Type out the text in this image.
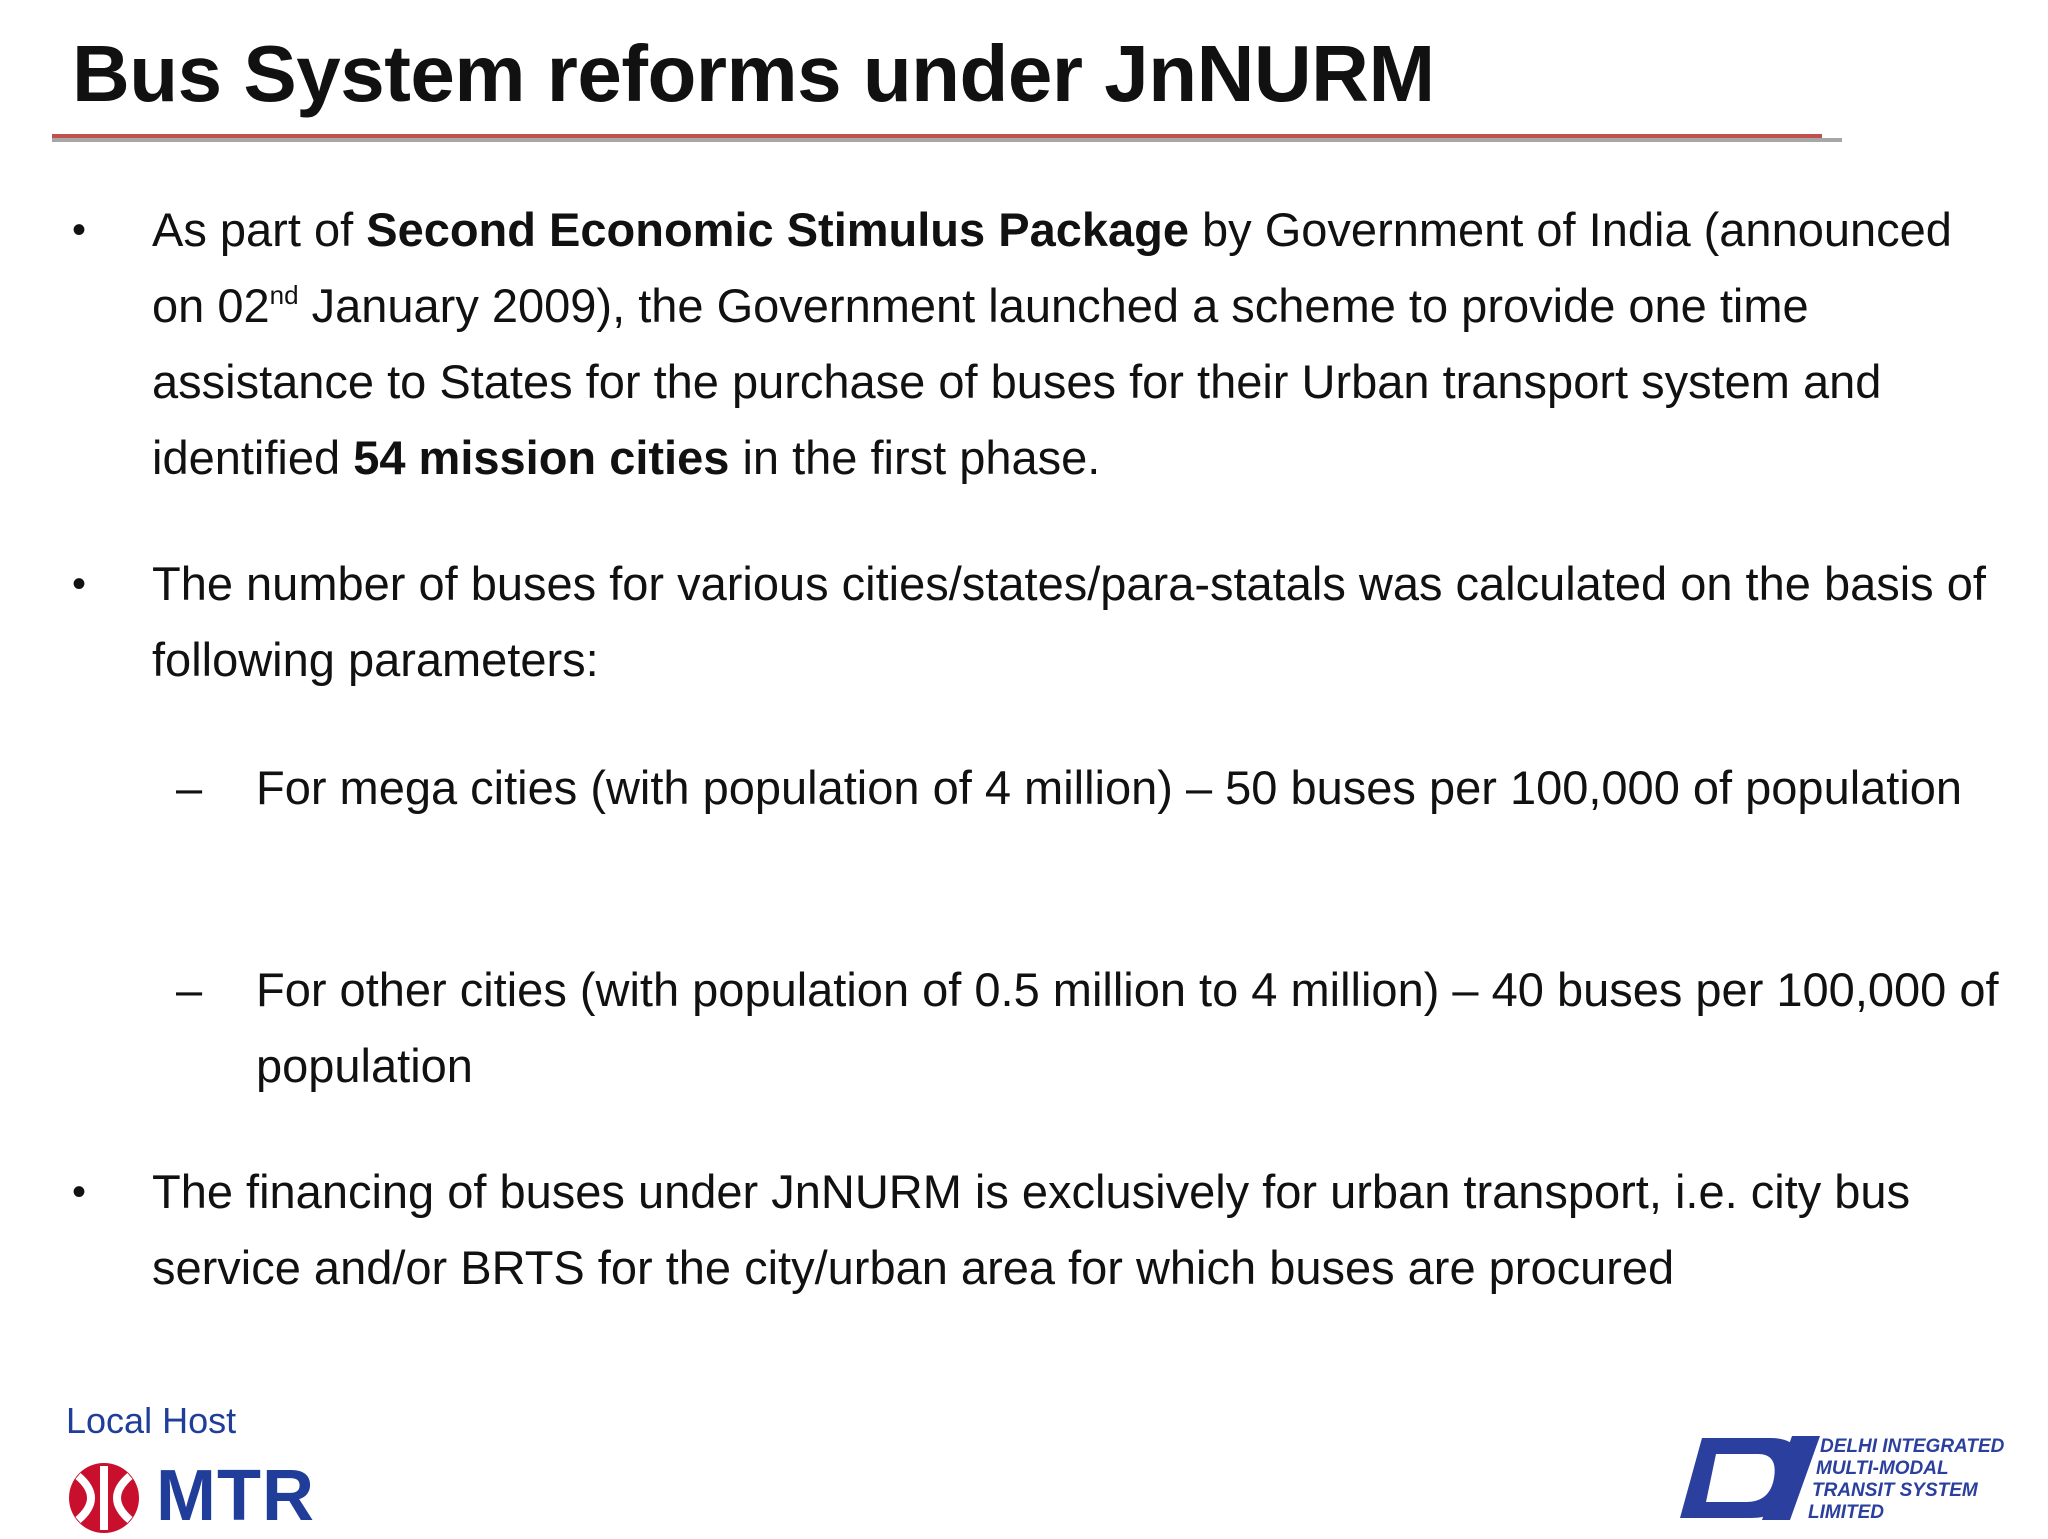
Bus System reforms under JnNURM
•	As part of Second Economic Stimulus Package by Government of India (announced on 02nd January 2009), the Government launched a scheme to provide one time assistance to States for the purchase of buses for their Urban transport system and identified 54 mission cities in the first phase.
•	The number of buses for various cities/states/para-statals was calculated on the basis of following parameters:
–	For mega cities (with population of 4 million) – 50 buses per 100,000 of population
–	For other cities (with population of 0.5 million to 4 million) – 40 buses per 100,000 of population
•	The financing of buses under JnNURM is exclusively for urban transport, i.e. city bus service and/or BRTS for the city/urban area for which buses are procured
Local Host
MTR
DELHI INTEGRATED
MULTI-MODAL
TRANSIT SYSTEM
LIMITED
